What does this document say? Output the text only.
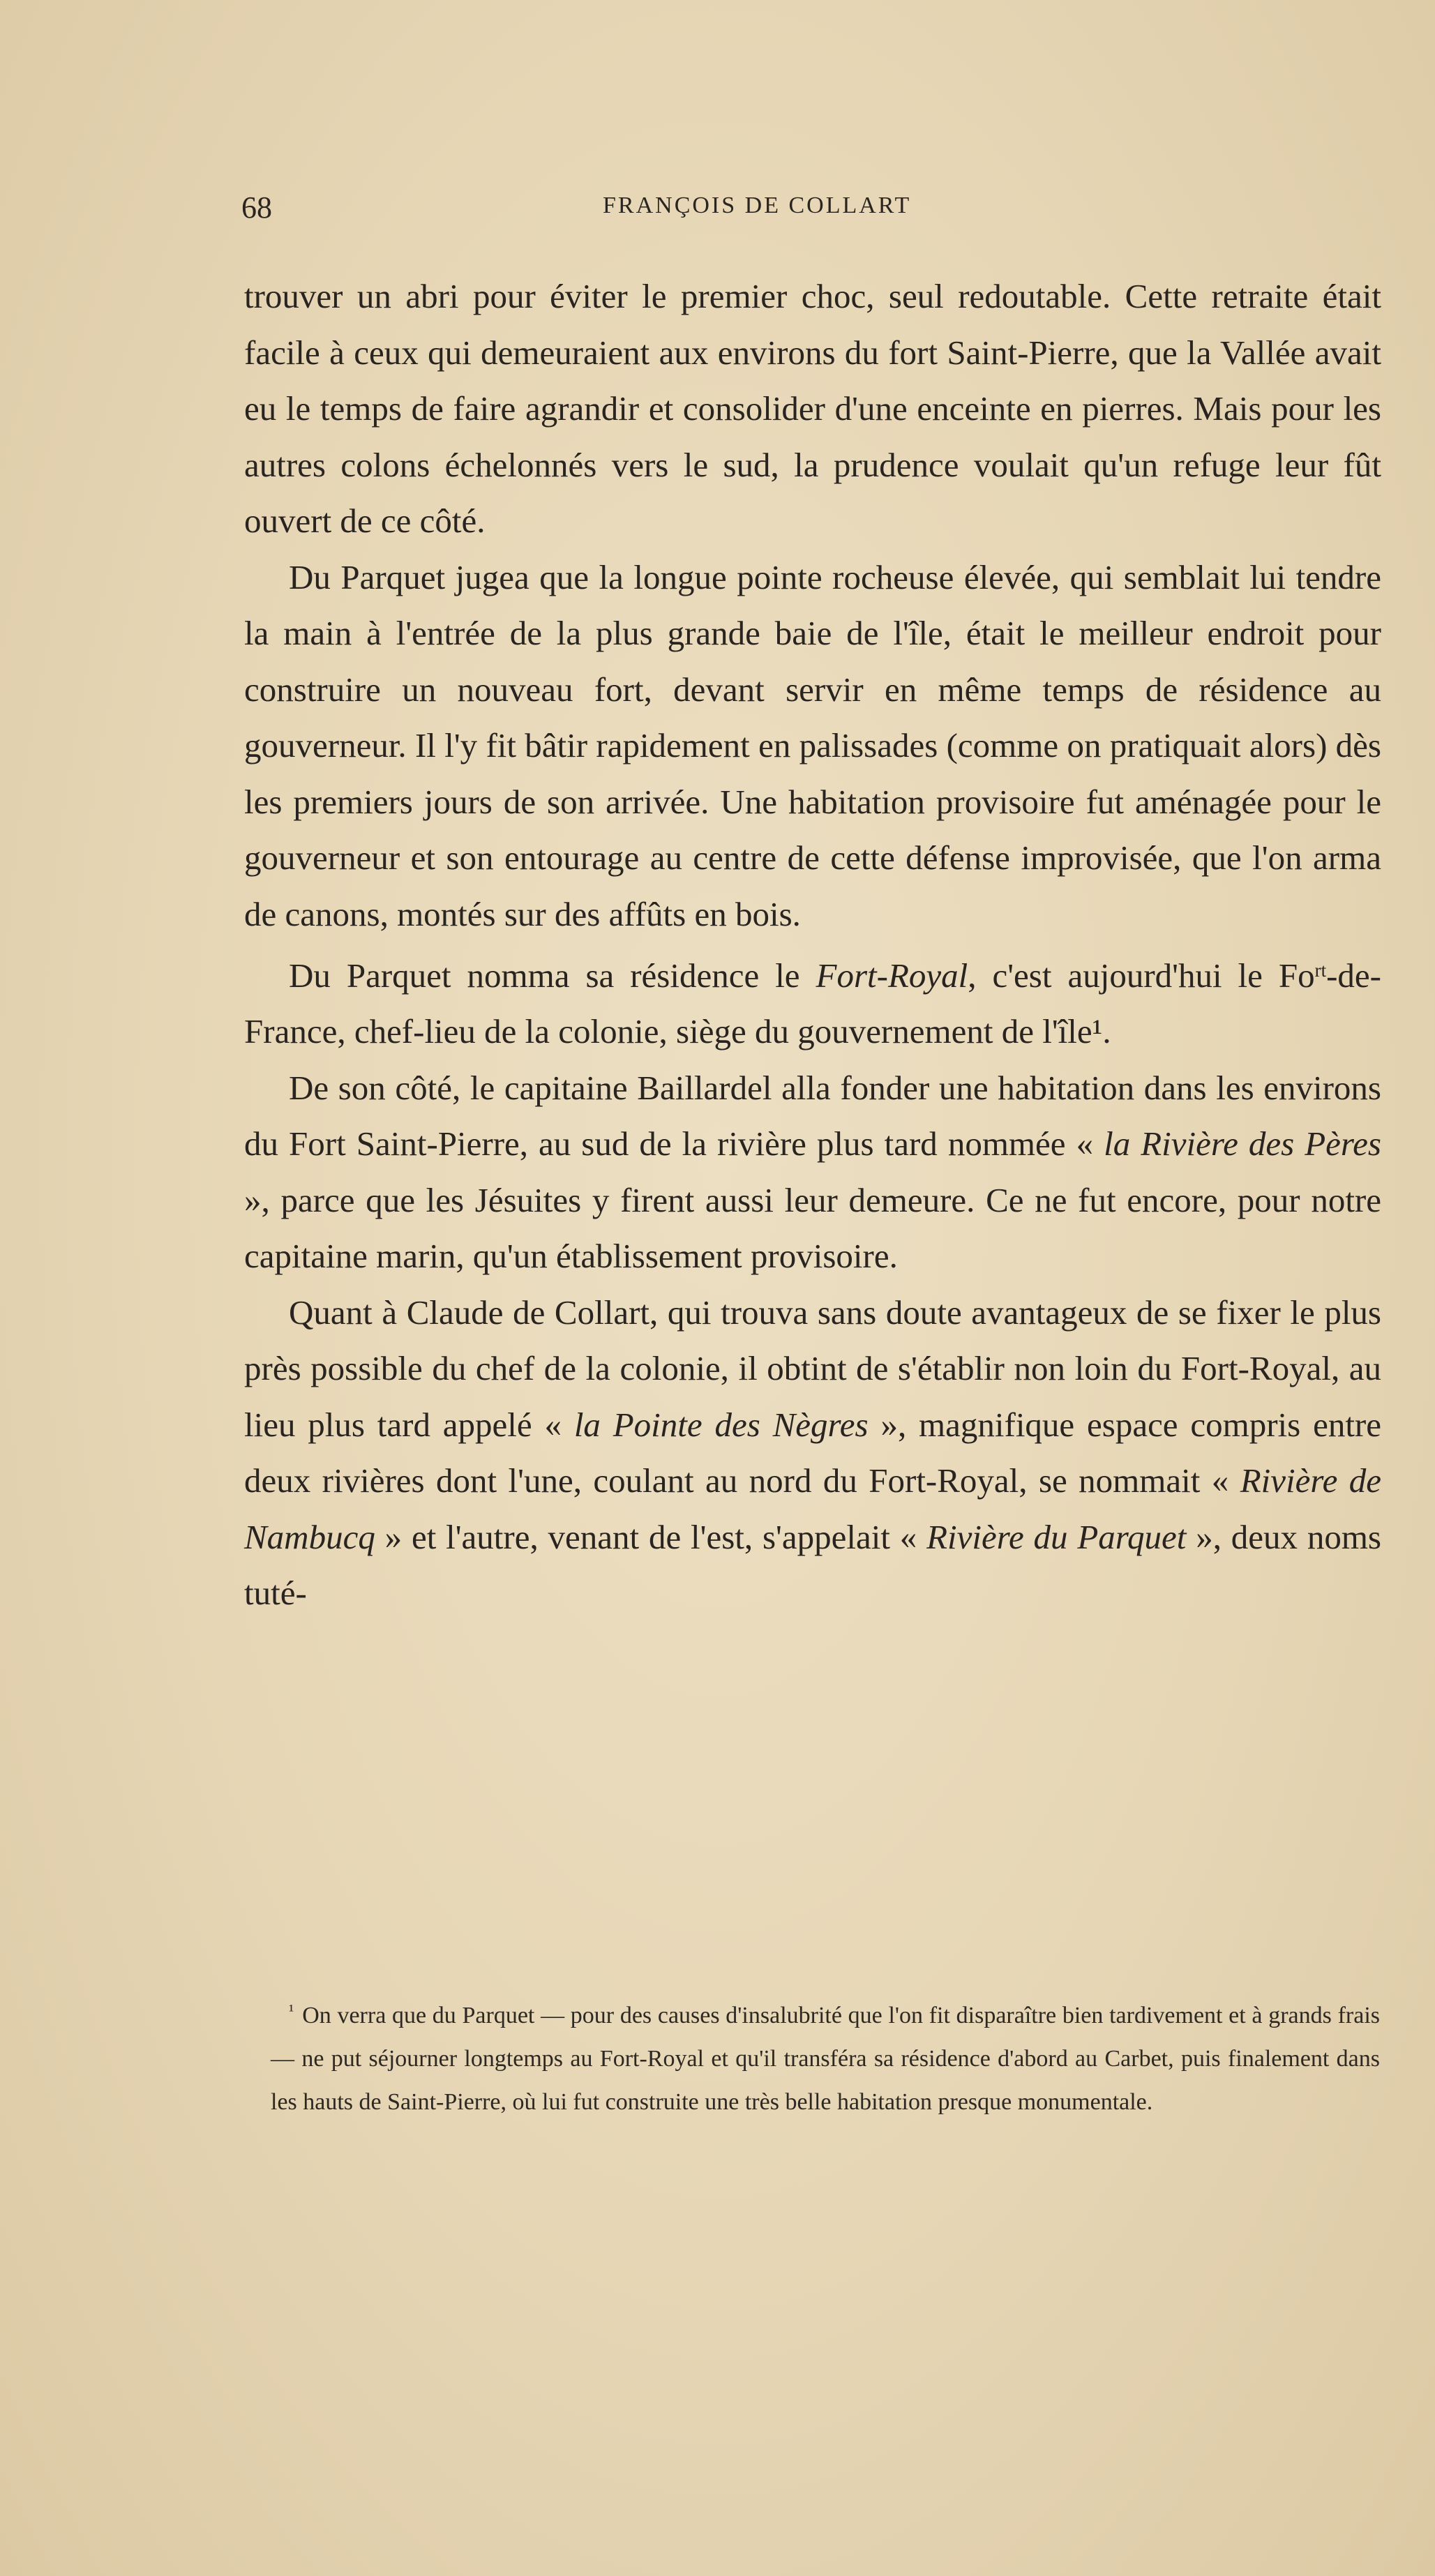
68	FRANÇOIS DE COLLART

trouver un abri pour éviter le premier choc, seul redoutable. Cette retraite était facile à ceux qui demeuraient aux environs du fort Saint-Pierre, que la Vallée avait eu le temps de faire agrandir et consolider d'une enceinte en pierres. Mais pour les autres colons échelonnés vers le sud, la prudence voulait qu'un refuge leur fût ouvert de ce côté.

Du Parquet jugea que la longue pointe rocheuse élevée, qui semblait lui tendre la main à l'entrée de la plus grande baie de l'île, était le meilleur endroit pour construire un nouveau fort, devant servir en même temps de résidence au gouverneur. Il l'y fit bâtir rapidement en palissades (comme on pratiquait alors) dès les premiers jours de son arrivée. Une habitation provisoire fut aménagée pour le gouverneur et son entourage au centre de cette défense improvisée, que l'on arma de canons, montés sur des affûts en bois.

Du Parquet nomma sa résidence le Fort-Royal, c'est aujourd'hui le $Fo^{rt}-de$-France, chef-lieu de la colonie, siège du gouvernement de l'île¹.

De son côté, le capitaine Baillardel alla fonder une habitation dans les environs du Fort Saint-Pierre, au sud de la rivière plus tard nommée « la Rivière des Pères », parce que les Jésuites y firent aussi leur demeure. Ce ne fut encore, pour notre capitaine marin, qu'un établissement provisoire.

Quant à Claude de Collart, qui trouva sans doute avantageux de se fixer le plus près possible du chef de la colonie, il obtint de s'établir non loin du Fort-Royal, au lieu plus tard appelé « la Pointe des Nègres », magnifique espace compris entre deux rivières dont l'une, coulant au nord du Fort-Royal, se nommait « Rivière de Nambucq » et l'autre, venant de l'est, s'appelait « Rivière du Parquet », deux noms tuté-

$^{^1}$ On verra que du Parquet — pour des causes d'insalubrité que l'on fit disparaître bien tardivement et à grands frais — ne put séjourner longtemps au Fort-Royal et qu'il transféra sa résidence d'abord au Carbet, puis finalement dans les hauts de Saint-Pierre, où lui fut construite une très belle habitation presque monumentale.
